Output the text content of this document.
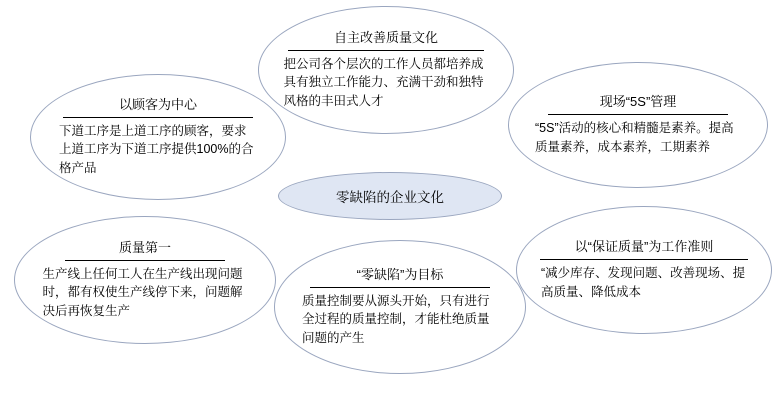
以顾客为中心
下道工序是上道工序的顾客，要求上道工序为下道工序提供100%的合格产品
自主改善质量文化
把公司各个层次的工作人员都培养成具有独立工作能力、充满干劲和独特风格的丰田式人才	现场“5S”管理
“5S”活动的核心和精髓是素养。提高质量素养，成本素养，工期素养
质量第一
生产线上任何工人在生产线出现问题时，都有权使生产线停下来，问题解决后再恢复生产
“零缺陷”为目标
质量控制要从源头开始，只有进行全过程的质量控制，才能杜绝质量问题的产生
以“保证质量”为工作准则
“减少库存、发现问题、改善现场、提高质量、降低成本
零缺陷的企业文化
